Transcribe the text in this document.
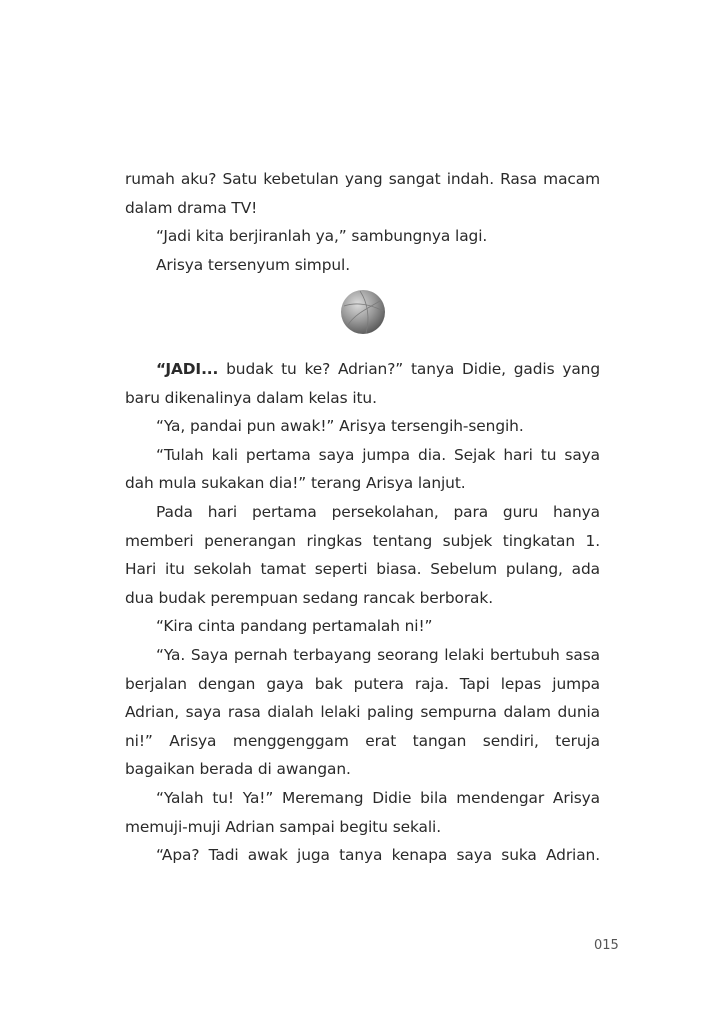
rumah aku? Satu kebetulan yang sangat indah. Rasa macam dalam drama TV!

“Jadi kita berjiranlah ya,” sambungnya lagi.

Arisya tersenyum simpul.

“JADI... budak tu ke? Adrian?” tanya Didie, gadis yang baru dikenalinya dalam kelas itu.

“Ya, pandai pun awak!” Arisya tersengih-sengih.

“Tulah kali pertama saya jumpa dia. Sejak hari tu saya dah mula sukakan dia!” terang Arisya lanjut.

Pada hari pertama persekolahan, para guru hanya memberi penerangan ringkas tentang subjek tingkatan 1. Hari itu sekolah tamat seperti biasa. Sebelum pulang, ada dua budak perempuan sedang rancak berborak.

“Kira cinta pandang pertamalah ni!”

“Ya. Saya pernah terbayang seorang lelaki bertubuh sasa berjalan dengan gaya bak putera raja. Tapi lepas jumpa Adrian, saya rasa dialah lelaki paling sempurna dalam dunia ni!” Arisya menggenggam erat tangan sendiri, teruja bagaikan berada di awangan.

“Yalah tu! Ya!” Meremang Didie bila mendengar Arisya memuji-muji Adrian sampai begitu sekali.

“Apa? Tadi awak juga tanya kenapa saya suka Adrian.

015
